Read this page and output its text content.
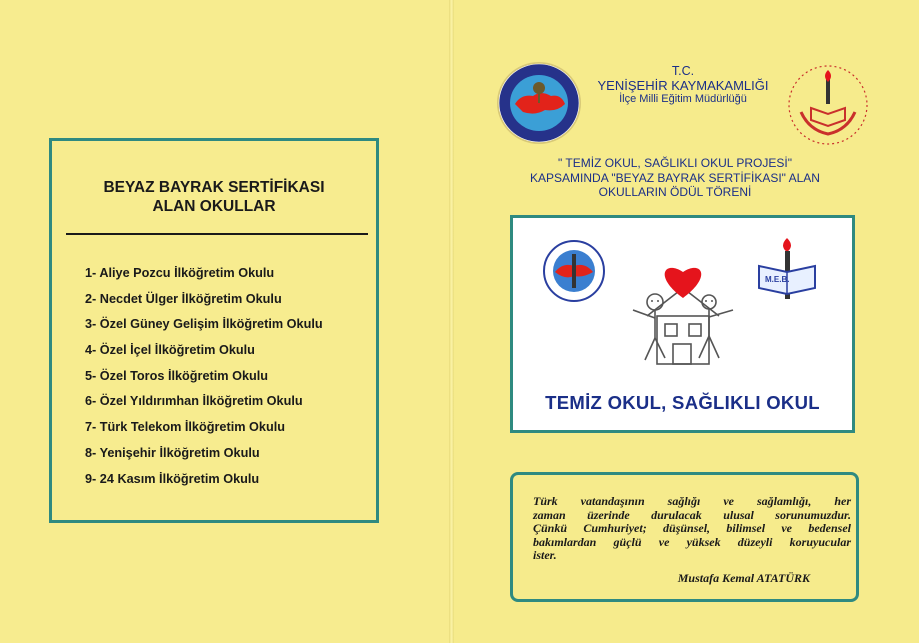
BEYAZ BAYRAK SERTİFİKASI
ALAN OKULLAR
1- Aliye Pozcu İlköğretim Okulu
2- Necdet Ülger İlköğretim Okulu
3- Özel Güney Gelişim İlköğretim Okulu
4- Özel İçel İlköğretim Okulu
5- Özel Toros İlköğretim Okulu
6- Özel Yıldırımhan İlköğretim Okulu
7- Türk Telekom İlköğretim Okulu
8- Yenişehir İlköğretim Okulu
9- 24 Kasım İlköğretim Okulu
T.C.
YENİŞEHİR KAYMAKAMLIĞI
İlçe Milli Eğitim Müdürlüğü
" TEMİZ OKUL, SAĞLIKLI OKUL PROJESİ"
KAPSAMINDA "BEYAZ BAYRAK SERTİFİKASI" ALAN
OKULLARIN ÖDÜL TÖRENİ
M.E.B.
TEMİZ OKUL, SAĞLIKLI OKUL
Türk vatandaşının sağlığı ve sağlamlığı, her
zaman üzerinde durulacak ulusal sorunumuzdur.
Çünkü Cumhuriyet; düşünsel, bilimsel ve bedensel
bakımlardan güçlü ve yüksek düzeyli koruyucular
ister.
Mustafa Kemal ATATÜRK
